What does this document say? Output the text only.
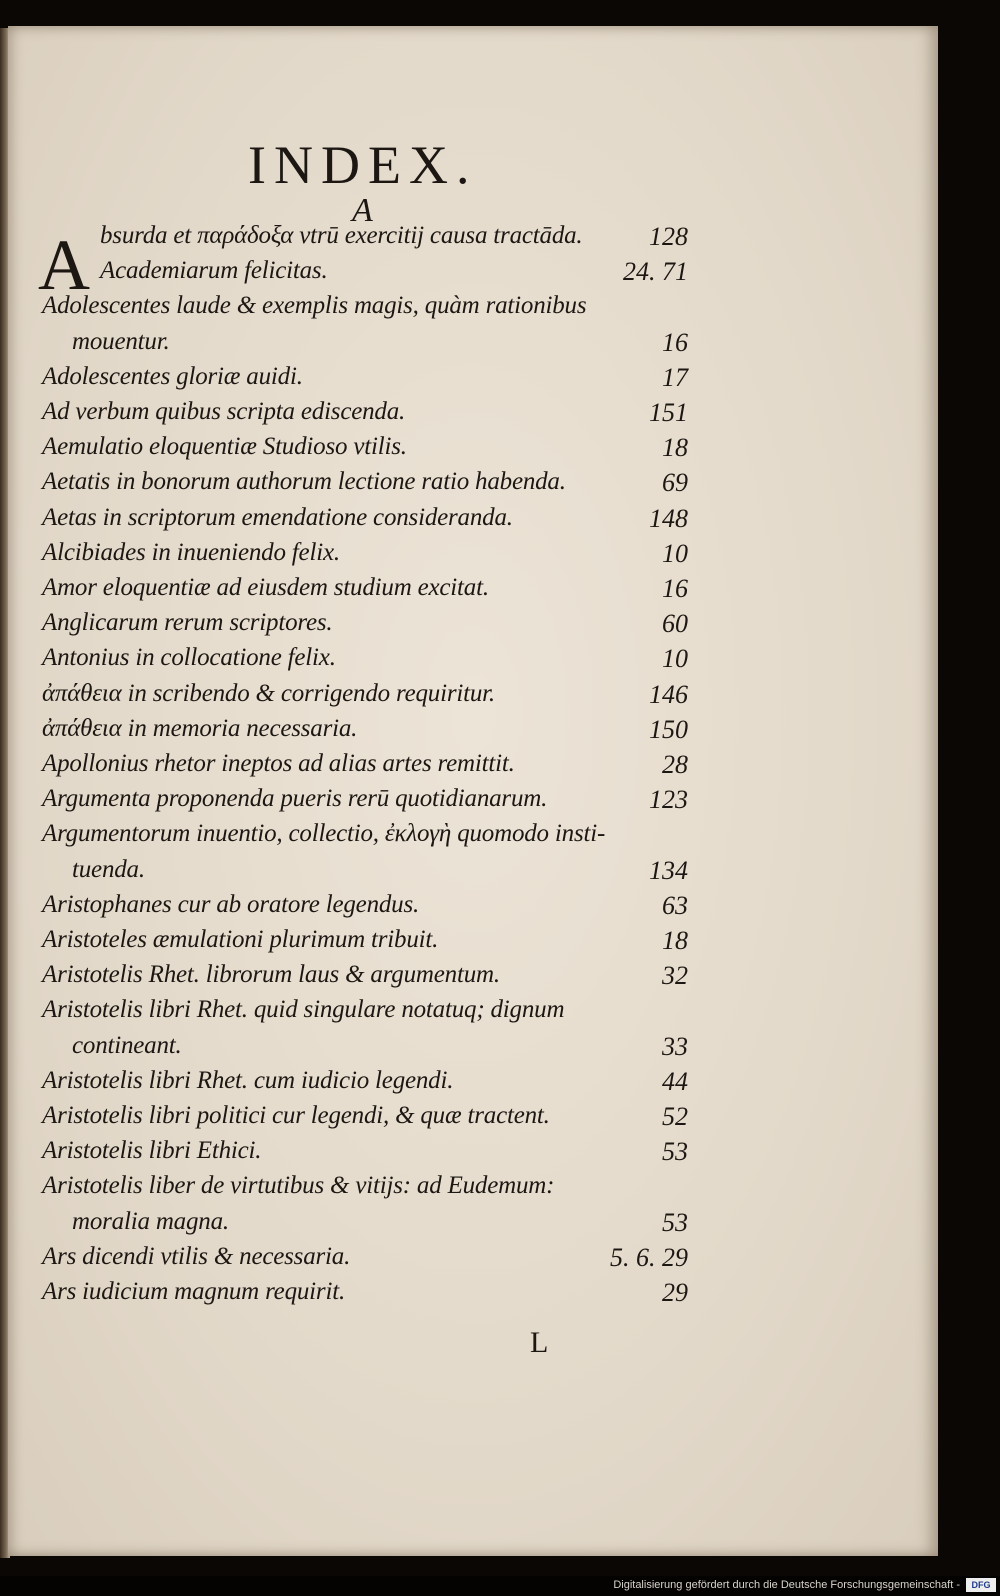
INDEX.
A
A bsurda et παράδοξα vtrū exercitij causa tractāda.	128
Academiarum felicitas.	24. 71
Adolescentes laude & exemplis magis, quàm rationibus
mouentur.	16
Adolescentes gloriæ auidi.	17
Ad verbum quibus scripta ediscenda.	151
Aemulatio eloquentiæ Studioso vtilis.	18
Aetatis in bonorum authorum lectione ratio habenda.	69
Aetas in scriptorum emendatione consideranda.	148
Alcibiades in inueniendo felix.	10
Amor eloquentiæ ad eiusdem studium excitat.	16
Anglicarum rerum scriptores.	60
Antonius in collocatione felix.	10
ἀπάθεια in scribendo & corrigendo requiritur.	146
ἀπάθεια in memoria necessaria.	150
Apollonius rhetor ineptos ad alias artes remittit.	28
Argumenta proponenda pueris rerū quotidianarum.	123
Argumentorum inuentio, collectio, ἐκλογὴ quomodo insti-
tuenda.	134
Aristophanes cur ab oratore legendus.	63
Aristoteles æmulationi plurimum tribuit.	18
Aristotelis Rhet. librorum laus & argumentum.	32
Aristotelis libri Rhet. quid singulare notatuq; dignum
contineant.	33
Aristotelis libri Rhet. cum iudicio legendi.	44
Aristotelis libri politici cur legendi, & quæ tractent.	52
Aristotelis libri Ethici.	53
Aristotelis liber de virtutibus & vitijs: ad Eudemum:
moralia magna.	53
Ars dicendi vtilis & necessaria.	5. 6. 29
Ars iudicium magnum requirit.	29
L
Digitalisierung gefördert durch die Deutsche Forschungsgemeinschaft -	DFG
